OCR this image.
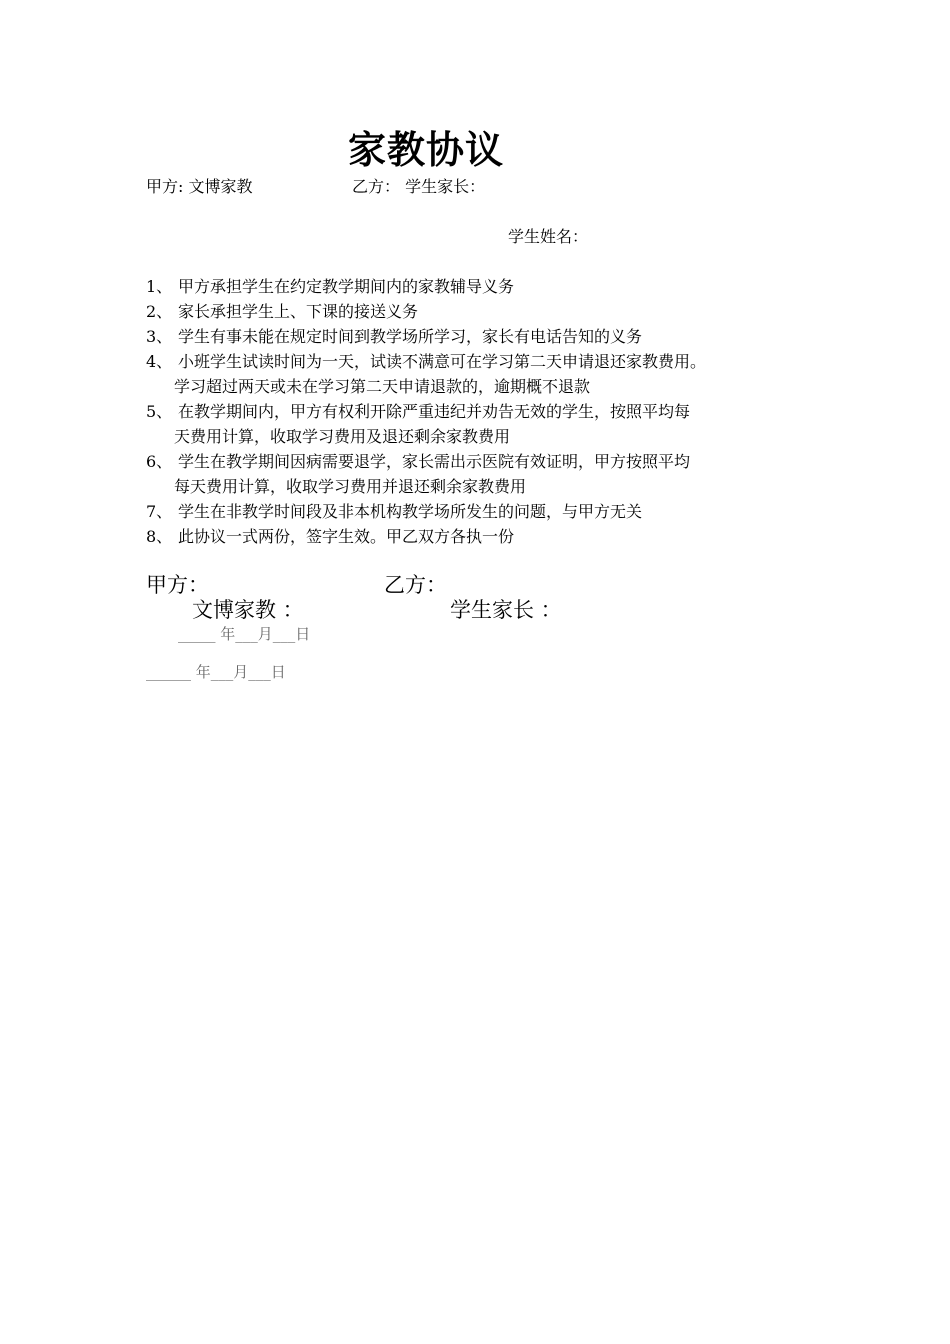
家教协议
甲方: 文博家教	乙方： 学生家长：
学生姓名：
1、 甲方承担学生在约定教学期间内的家教辅导义务
2、 家长承担学生上、下课的接送义务
3、 学生有事未能在规定时间到教学场所学习，家长有电话告知的义务
4、 小班学生试读时间为一天，试读不满意可在学习第二天申请退还家教费用。
学习超过两天或未在学习第二天申请退款的，逾期概不退款
5、 在教学期间内，甲方有权利开除严重违纪并劝告无效的学生，按照平均每
天费用计算，收取学习费用及退还剩余家教费用
6、 学生在教学期间因病需要退学，家长需出示医院有效证明，甲方按照平均
每天费用计算，收取学习费用并退还剩余家教费用
7、 学生在非教学时间段及非本机构教学场所发生的问题，与甲方无关
8、 此协议一式两份，签字生效。甲乙双方各执一份
甲方：	乙方：
文博家教 ：	学生家长 ：
_____ 年___月___日
______ 年___月___日
